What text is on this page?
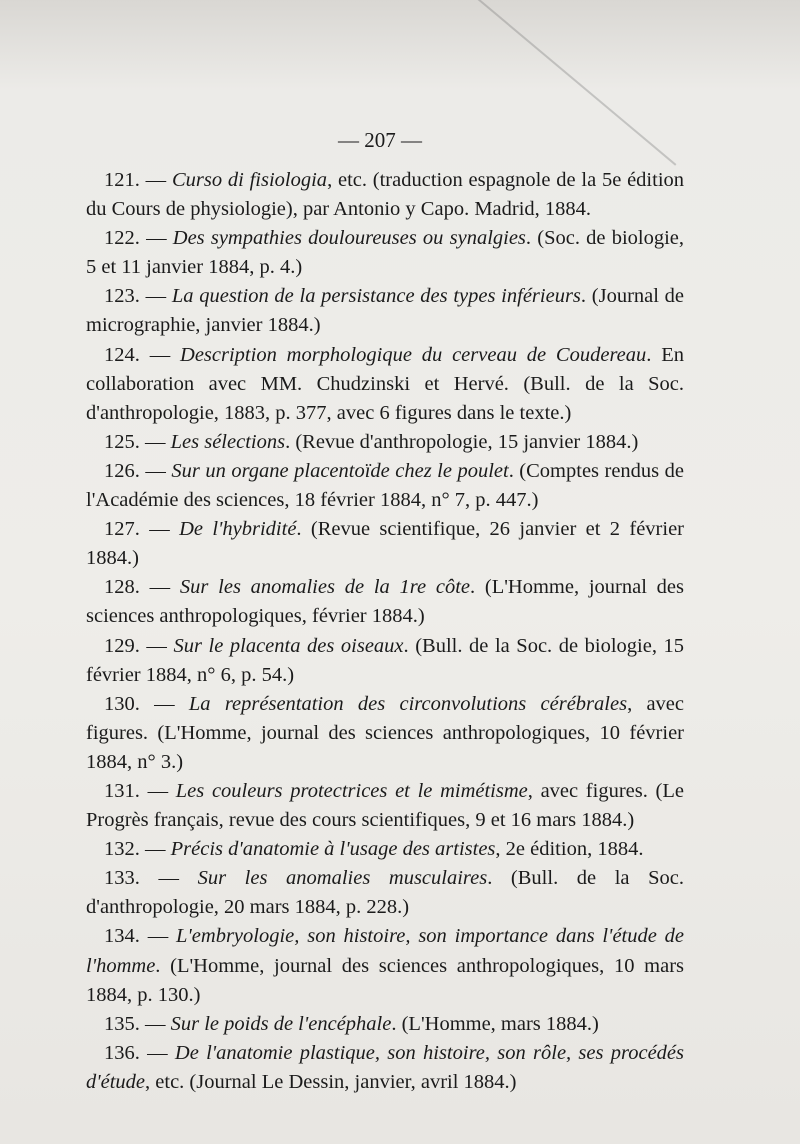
— 207 —

121. — Curso di fisiologia, etc. (traduction espagnole de la 5e édition du Cours de physiologie), par Antonio y Capo. Madrid, 1884.

122. — Des sympathies douloureuses ou synalgies. (Soc. de biologie, 5 et 11 janvier 1884, p. 4.)

123. — La question de la persistance des types inférieurs. (Journal de micrographie, janvier 1884.)

124. — Description morphologique du cerveau de Coudereau. En collaboration avec MM. Chudzinski et Hervé. (Bull. de la Soc. d'anthropologie, 1883, p. 377, avec 6 figures dans le texte.)

125. — Les sélections. (Revue d'anthropologie, 15 janvier 1884.)

126. — Sur un organe placentoïde chez le poulet. (Comptes rendus de l'Académie des sciences, 18 février 1884, n° 7, p. 447.)

127. — De l'hybridité. (Revue scientifique, 26 janvier et 2 février 1884.)

128. — Sur les anomalies de la 1re côte. (L'Homme, journal des sciences anthropologiques, février 1884.)

129. — Sur le placenta des oiseaux. (Bull. de la Soc. de biologie, 15 février 1884, n° 6, p. 54.)

130. — La représentation des circonvolutions cérébrales, avec figures. (L'Homme, journal des sciences anthropologiques, 10 février 1884, n° 3.)

131. — Les couleurs protectrices et le mimétisme, avec figures. (Le Progrès français, revue des cours scientifiques, 9 et 16 mars 1884.)

132. — Précis d'anatomie à l'usage des artistes, 2e édition, 1884.

133. — Sur les anomalies musculaires. (Bull. de la Soc. d'anthropologie, 20 mars 1884, p. 228.)

134. — L'embryologie, son histoire, son importance dans l'étude de l'homme. (L'Homme, journal des sciences anthropologiques, 10 mars 1884, p. 130.)

135. — Sur le poids de l'encéphale. (L'Homme, mars 1884.)

136. — De l'anatomie plastique, son histoire, son rôle, ses procédés d'étude, etc. (Journal Le Dessin, janvier, avril 1884.)
